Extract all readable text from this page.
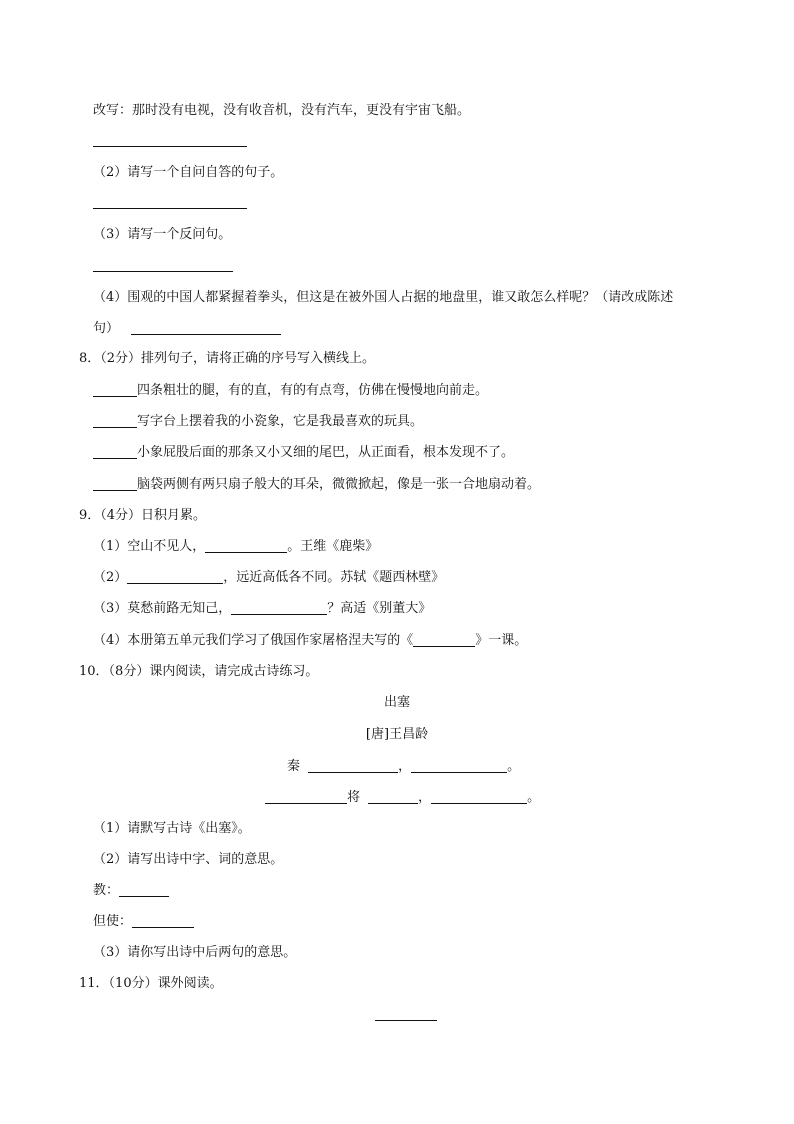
改写：那时没有电视，没有收音机，没有汽车，更没有宇宙飞船。
（2）请写一个自问自答的句子。
（3）请写一个反问句。
（4）围观的中国人都紧握着拳头，但这是在被外国人占据的地盘里，谁又敢怎么样呢？（请改成陈述
句）
8．（2分）排列句子，请将正确的序号写入横线上。
四条粗壮的腿，有的直，有的有点弯，仿佛在慢慢地向前走。
写字台上摆着我的小瓷象，它是我最喜欢的玩具。
小象屁股后面的那条又小又细的尾巴，从正面看，根本发现不了。
脑袋两侧有两只扇子般大的耳朵，微微掀起，像是一张一合地扇动着。
9．（4分）日积月累。
（1）空山不见人，	。王维《鹿柴》
（2）	，远近高低各不同。苏轼《题西林壁》
（3）莫愁前路无知己，	？高适《别董大》
（4）本册第五单元我们学习了俄国作家屠格涅夫写的《	》一课。
10．（8分）课内阅读，请完成古诗练习。
出塞
[唐]王昌龄
秦	，	。
将	，	。
（1）请默写古诗《出塞》。
（2）请写出诗中字、词的意思。
教：
但使：
（3）请你写出诗中后两句的意思。
11．（10分）课外阅读。
